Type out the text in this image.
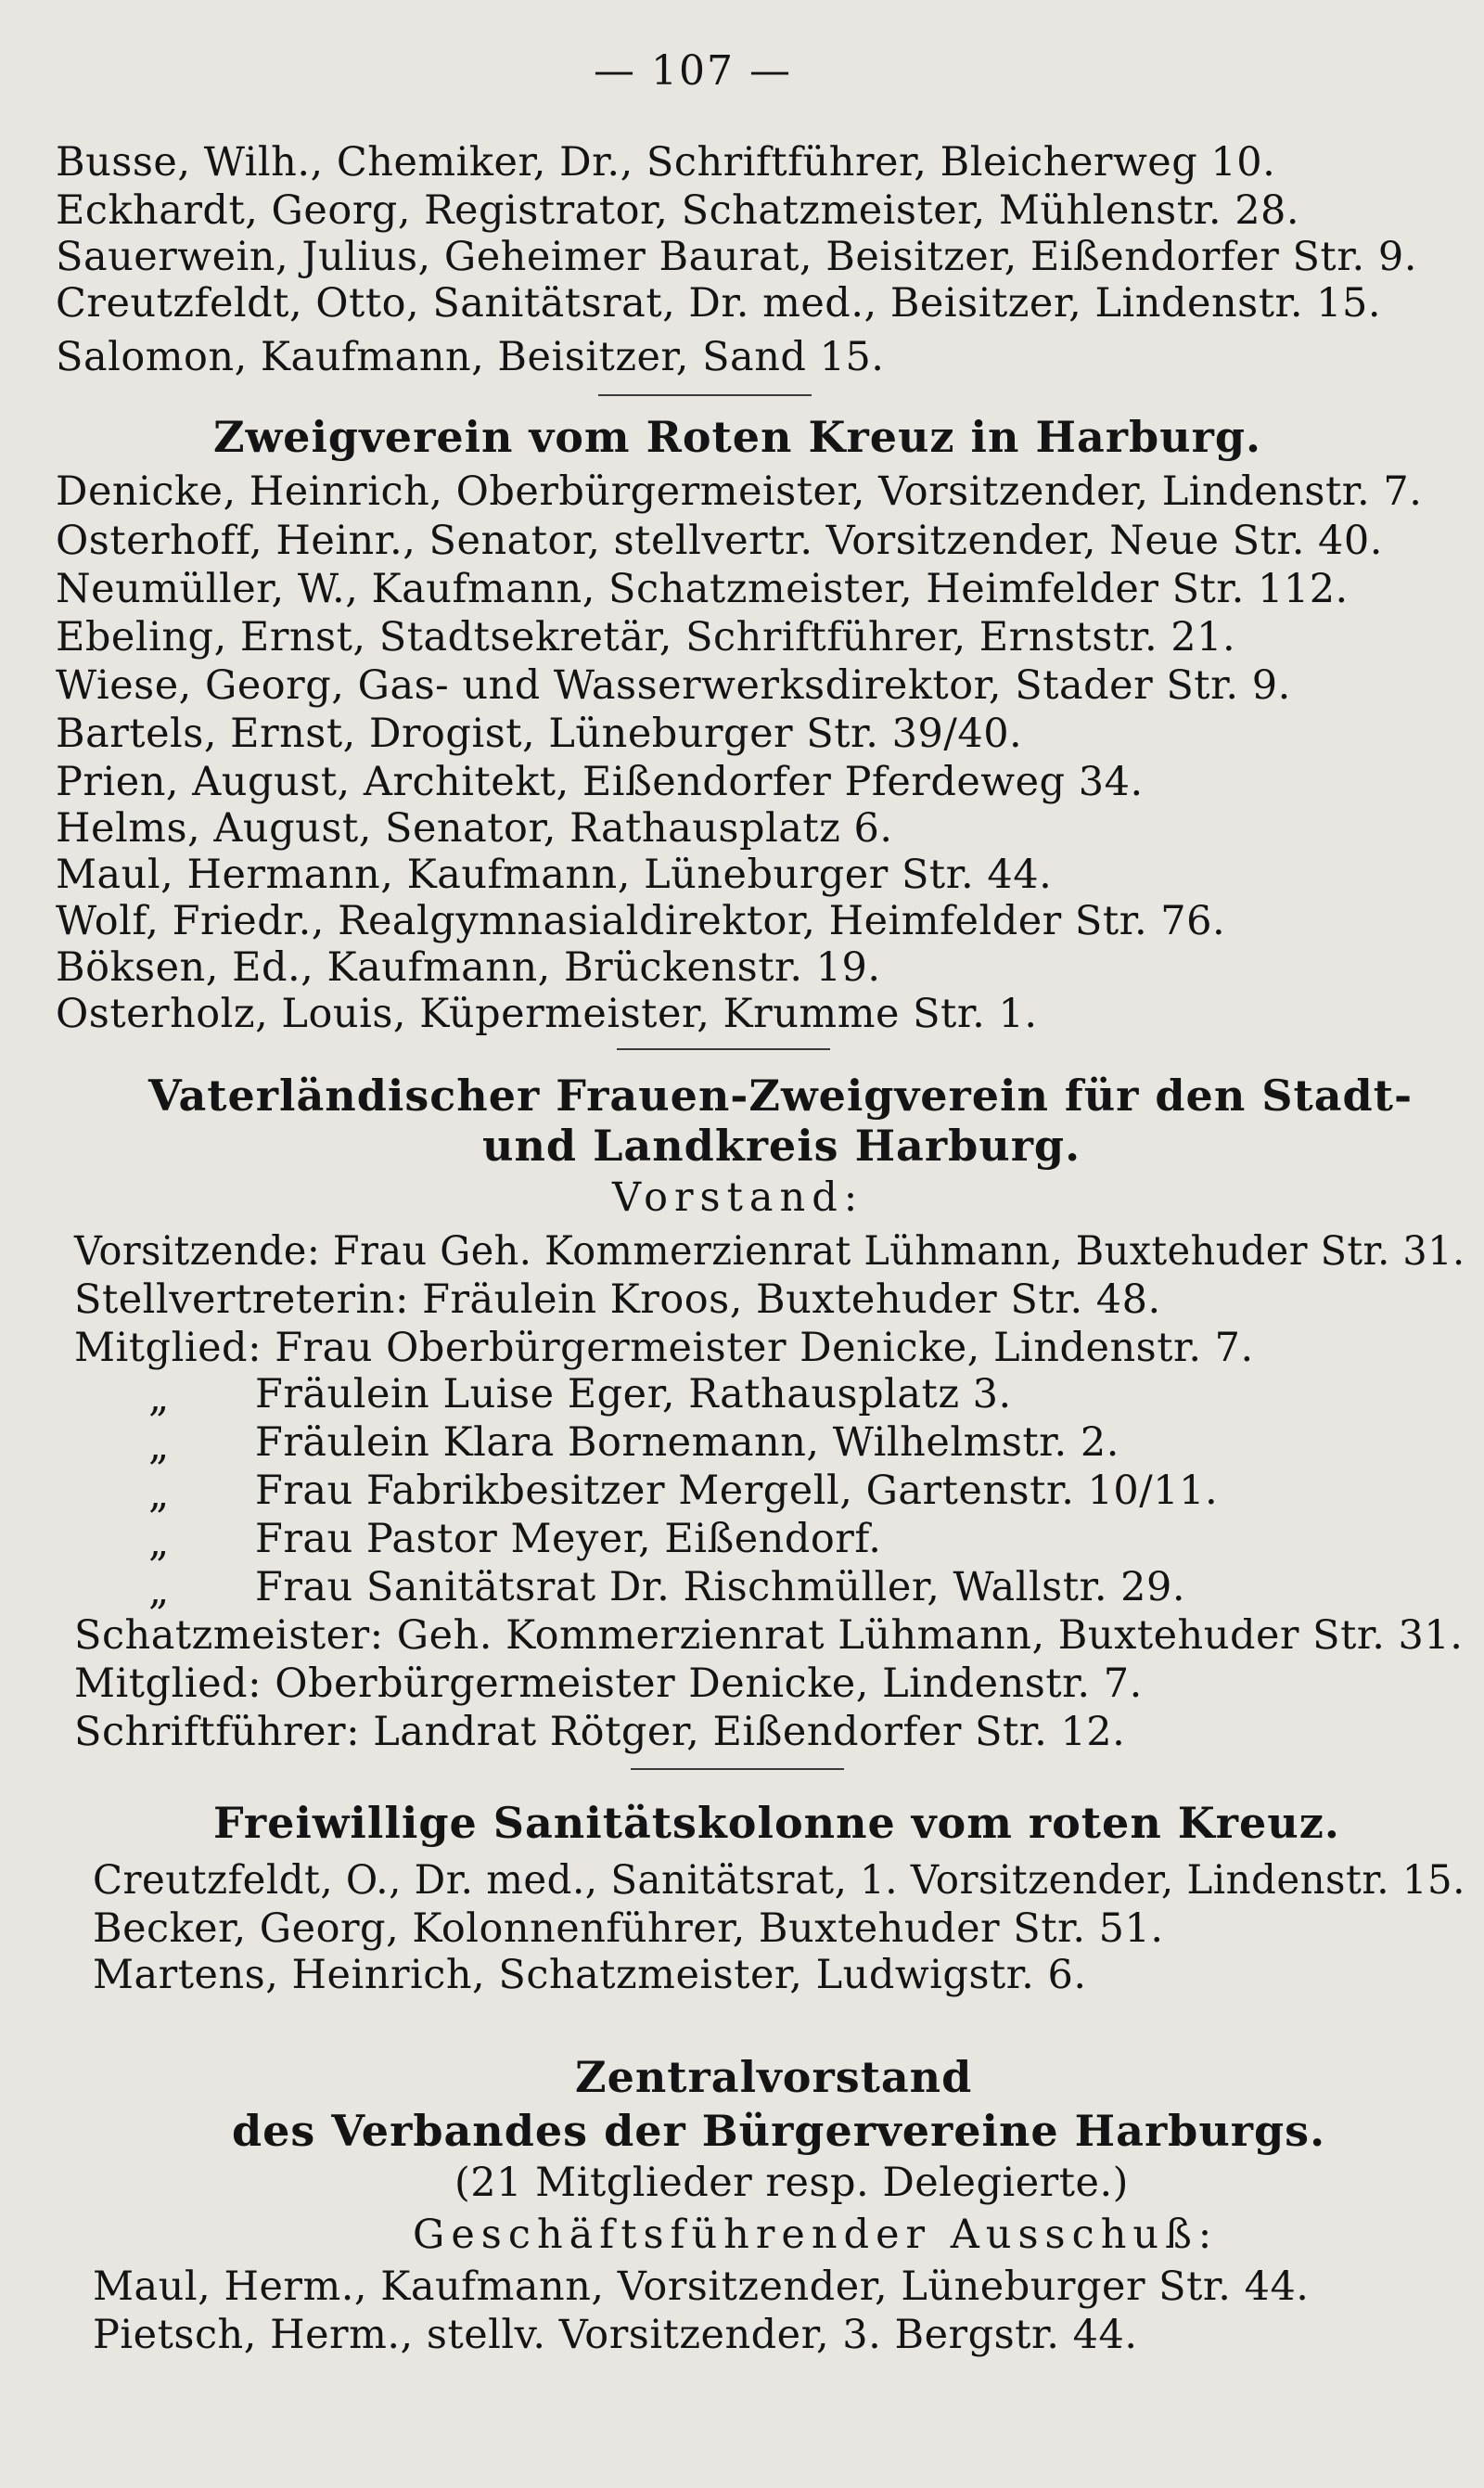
— 107 —
Busse, Wilh., Chemiker, Dr., Schriftführer, Bleicherweg 10.
Eckhardt, Georg, Registrator, Schatzmeister, Mühlenstr. 28.
Sauerwein, Julius, Geheimer Baurat, Beisitzer, Eißendorfer Str. 9.
Creutzfeldt, Otto, Sanitätsrat, Dr. med., Beisitzer, Lindenstr. 15.
Salomon, Kaufmann, Beisitzer, Sand 15.
Zweigverein vom Roten Kreuz in Harburg.
Denicke, Heinrich, Oberbürgermeister, Vorsitzender, Lindenstr. 7.
Osterhoff, Heinr., Senator, stellvertr. Vorsitzender, Neue Str. 40.
Neumüller, W., Kaufmann, Schatzmeister, Heimfelder Str. 112.
Ebeling, Ernst, Stadtsekretär, Schriftführer, Ernststr. 21.
Wiese, Georg, Gas- und Wasserwerksdirektor, Stader Str. 9.
Bartels, Ernst, Drogist, Lüneburger Str. 39/40.
Prien, August, Architekt, Eißendorfer Pferdeweg 34.
Helms, August, Senator, Rathausplatz 6.
Maul, Hermann, Kaufmann, Lüneburger Str. 44.
Wolf, Friedr., Realgymnasialdirektor, Heimfelder Str. 76.
Böksen, Ed., Kaufmann, Brückenstr. 19.
Osterholz, Louis, Küpermeister, Krumme Str. 1.
Vaterländischer Frauen-Zweigverein für den Stadt-
und Landkreis Harburg.
Vorstand:
Vorsitzende: Frau Geh. Kommerzienrat Lühmann, Buxtehuder Str. 31.
Stellvertreterin: Fräulein Kroos, Buxtehuder Str. 48.
Mitglied: Frau Oberbürgermeister Denicke, Lindenstr. 7.
„ Fräulein Luise Eger, Rathausplatz 3.
„ Fräulein Klara Bornemann, Wilhelmstr. 2.
„ Frau Fabrikbesitzer Mergell, Gartenstr. 10/11.
„ Frau Pastor Meyer, Eißendorf.
„ Frau Sanitätsrat Dr. Rischmüller, Wallstr. 29.
Schatzmeister: Geh. Kommerzienrat Lühmann, Buxtehuder Str. 31.
Mitglied: Oberbürgermeister Denicke, Lindenstr. 7.
Schriftführer: Landrat Rötger, Eißendorfer Str. 12.
Freiwillige Sanitätskolonne vom roten Kreuz.
Creutzfeldt, O., Dr. med., Sanitätsrat, 1. Vorsitzender, Lindenstr. 15.
Becker, Georg, Kolonnenführer, Buxtehuder Str. 51.
Martens, Heinrich, Schatzmeister, Ludwigstr. 6.
Zentralvorstand
des Verbandes der Bürgervereine Harburgs.
(21 Mitglieder resp. Delegierte.)
Geschäftsführender Ausschuß:
Maul, Herm., Kaufmann, Vorsitzender, Lüneburger Str. 44.
Pietsch, Herm., stellv. Vorsitzender, 3. Bergstr. 44.
